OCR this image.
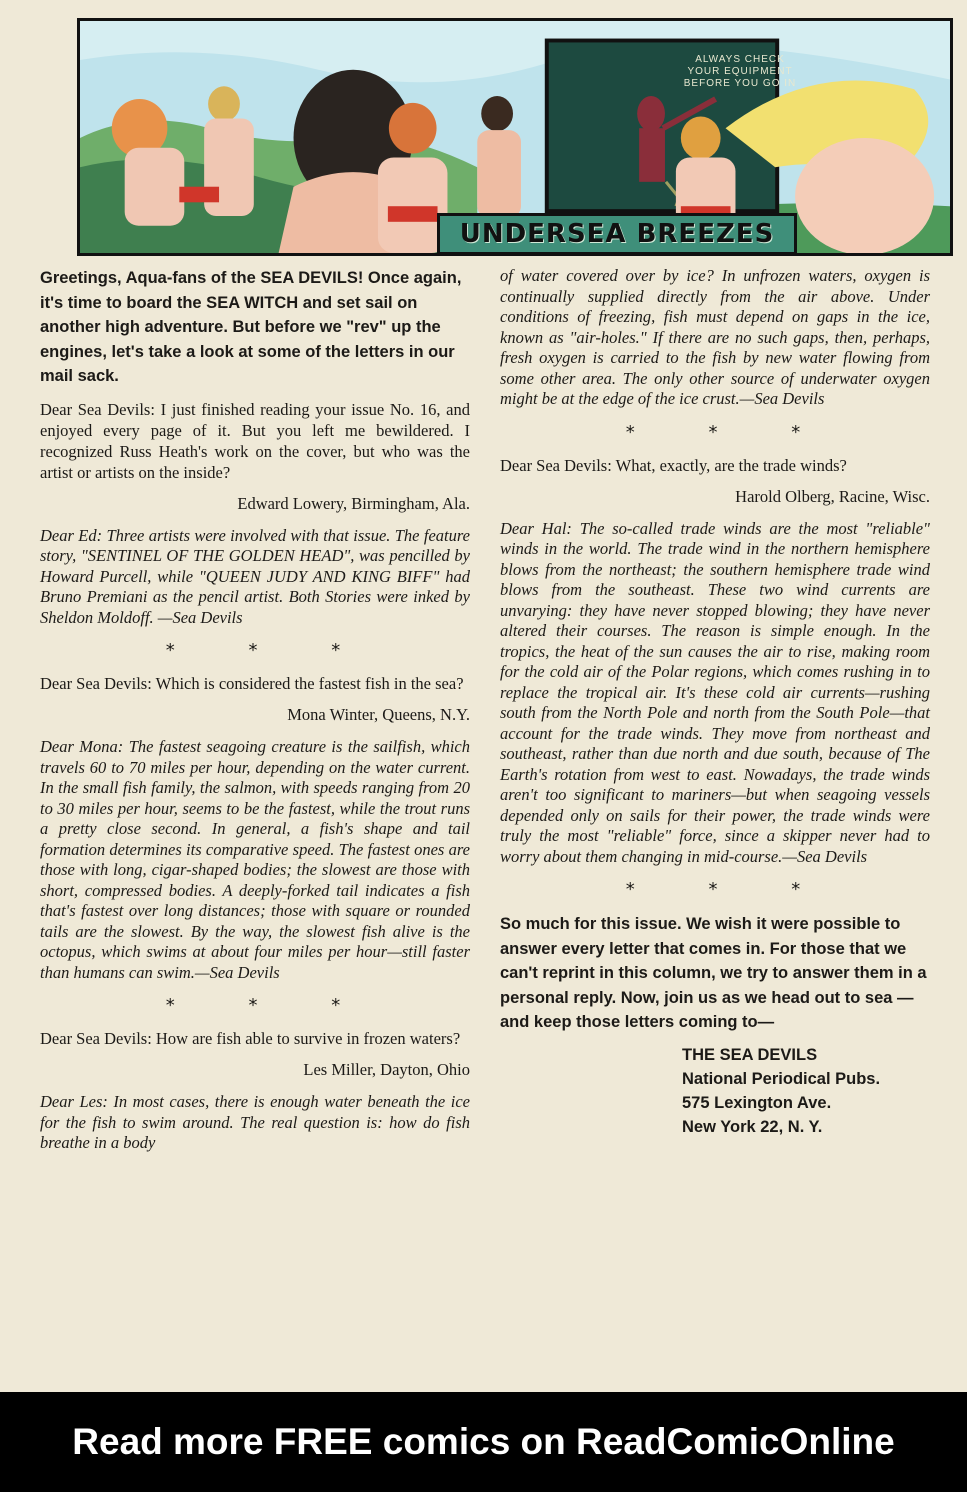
ALWAYS CHECK YOUR EQUIPMENT BEFORE YOU GO IN
UNDERSEA BREEZES

Greetings, Aqua-fans of the SEA DEVILS! Once again, it's time to board the SEA WITCH and set sail on another high adventure. But before we "rev" up the engines, let's take a look at some of the letters in our mail sack.

Dear Sea Devils: I just finished reading your issue No. 16, and enjoyed every page of it. But you left me bewildered. I recognized Russ Heath's work on the cover, but who was the artist or artists on the inside?

Edward Lowery, Birmingham, Ala.

Dear Ed: Three artists were involved with that issue. The feature story, "SENTINEL OF THE GOLDEN HEAD", was pencilled by Howard Purcell, while "QUEEN JUDY AND KING BIFF" had Bruno Premiani as the pencil artist. Both Stories were inked by Sheldon Moldoff. —Sea Devils

* * *

Dear Sea Devils: Which is considered the fastest fish in the sea?

Mona Winter, Queens, N.Y.

Dear Mona: The fastest seagoing creature is the sailfish, which travels 60 to 70 miles per hour, depending on the water current. In the small fish family, the salmon, with speeds ranging from 20 to 30 miles per hour, seems to be the fastest, while the trout runs a pretty close second. In general, a fish's shape and tail formation determines its comparative speed. The fastest ones are those with long, cigar-shaped bodies; the slowest are those with short, compressed bodies. A deeply-forked tail indicates a fish that's fastest over long distances; those with square or rounded tails are the slowest. By the way, the slowest fish alive is the octopus, which swims at about four miles per hour—still faster than humans can swim.—Sea Devils

* * *

Dear Sea Devils: How are fish able to survive in frozen waters?

Les Miller, Dayton, Ohio

Dear Les: In most cases, there is enough water beneath the ice for the fish to swim around. The real question is: how do fish breathe in a body

of water covered over by ice? In unfrozen waters, oxygen is continually supplied directly from the air above. Under conditions of freezing, fish must depend on gaps in the ice, known as "air-holes." If there are no such gaps, then, perhaps, fresh oxygen is carried to the fish by new water flowing from some other area. The only other source of underwater oxygen might be at the edge of the ice crust.—Sea Devils

* * *

Dear Sea Devils: What, exactly, are the trade winds?

Harold Olberg, Racine, Wisc.

Dear Hal: The so-called trade winds are the most "reliable" winds in the world. The trade wind in the northern hemisphere blows from the northeast; the southern hemisphere trade wind blows from the southeast. These two wind currents are unvarying: they have never stopped blowing; they have never altered their courses. The reason is simple enough. In the tropics, the heat of the sun causes the air to rise, making room for the cold air of the Polar regions, which comes rushing in to replace the tropical air. It's these cold air currents—rushing south from the North Pole and north from the South Pole—that account for the trade winds. They move from northeast and southeast, rather than due north and due south, because of The Earth's rotation from west to east. Nowadays, the trade winds aren't too significant to mariners—but when seagoing vessels depended only on sails for their power, the trade winds were truly the most "reliable" force, since a skipper never had to worry about them changing in mid-course.—Sea Devils

* * *

So much for this issue. We wish it were possible to answer every letter that comes in. For those that we can't reprint in this column, we try to answer them in a personal reply. Now, join us as we head out to sea —and keep those letters coming to—

THE SEA DEVILS
National Periodical Pubs.
575 Lexington Ave.
New York 22, N. Y.
Read more FREE comics on ReadComicOnline
